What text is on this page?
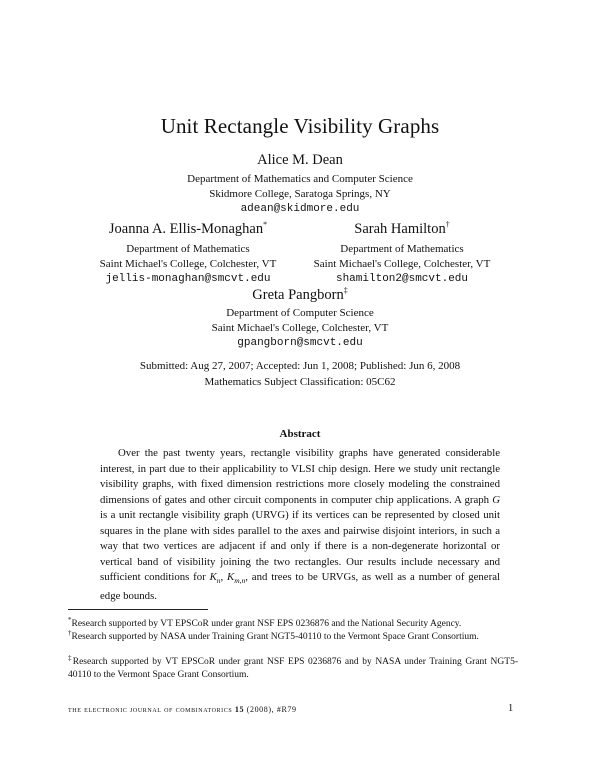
Unit Rectangle Visibility Graphs
Alice M. Dean
Department of Mathematics and Computer Science
Skidmore College, Saratoga Springs, NY
adean@skidmore.edu
Joanna A. Ellis-Monaghan*
Department of Mathematics
Saint Michael's College, Colchester, VT
jellis-monaghan@smcvt.edu
Sarah Hamilton†
Department of Mathematics
Saint Michael's College, Colchester, VT
shamilton2@smcvt.edu
Greta Pangborn‡
Department of Computer Science
Saint Michael's College, Colchester, VT
gpangborn@smcvt.edu
Submitted: Aug 27, 2007; Accepted: Jun 1, 2008; Published: Jun 6, 2008
Mathematics Subject Classification: 05C62
Abstract
Over the past twenty years, rectangle visibility graphs have generated considerable interest, in part due to their applicability to VLSI chip design. Here we study unit rectangle visibility graphs, with fixed dimension restrictions more closely modeling the constrained dimensions of gates and other circuit components in computer chip applications. A graph G is a unit rectangle visibility graph (URVG) if its vertices can be represented by closed unit squares in the plane with sides parallel to the axes and pairwise disjoint interiors, in such a way that two vertices are adjacent if and only if there is a non-degenerate horizontal or vertical band of visibility joining the two rectangles. Our results include necessary and sufficient conditions for $K_n$, $K_{m,n}$, and trees to be URVGs, as well as a number of general edge bounds.
*Research supported by VT EPSCoR under grant NSF EPS 0236876 and the National Security Agency.
†Research supported by NASA under Training Grant NGT5-40110 to the Vermont Space Grant Consortium.
‡Research supported by VT EPSCoR under grant NSF EPS 0236876 and by NASA under Training Grant NGT5-40110 to the Vermont Space Grant Consortium.
the electronic journal of combinatorics 15 (2008), #R79	1
